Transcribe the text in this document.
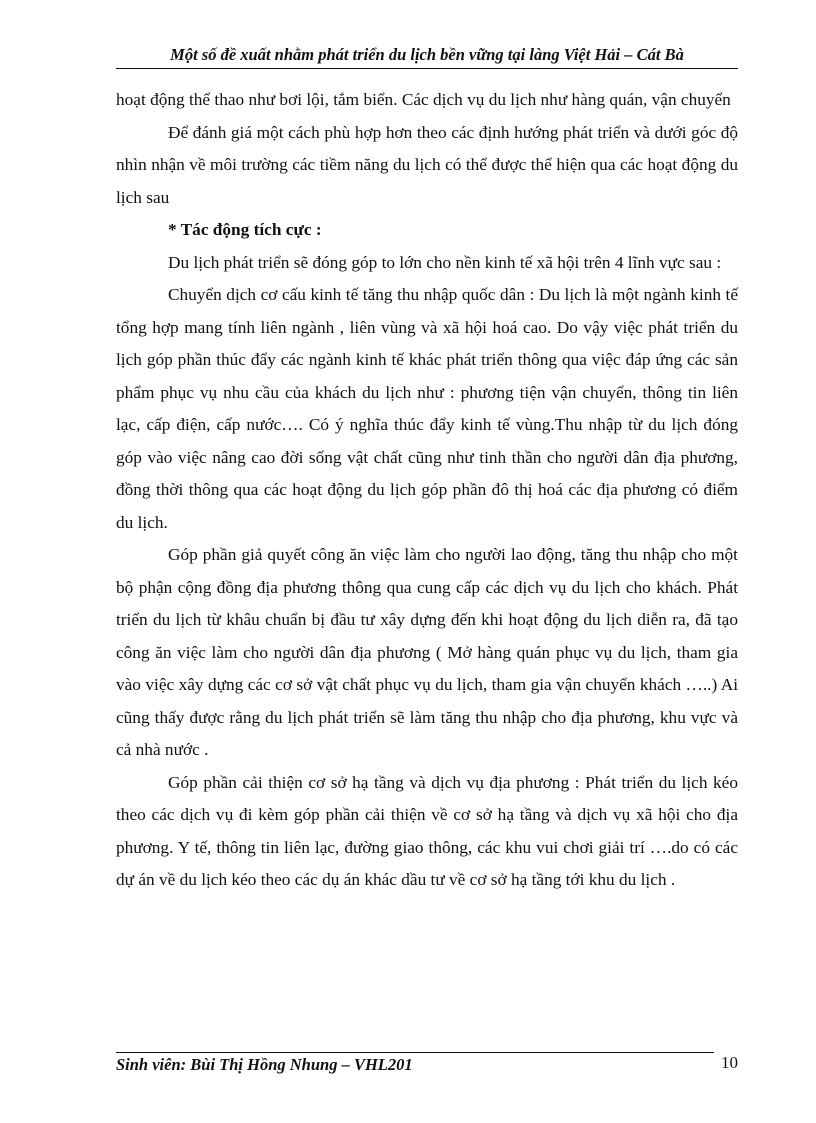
Một số đề xuất nhằm phát triển du lịch bền vững tại làng Việt Hải – Cát Bà

hoạt động thể thao như bơi lội, tắm biển. Các dịch vụ du lịch như hàng quán, vận chuyển

Để đánh giá một cách phù hợp hơn theo các định hướng phát triển và dưới góc độ nhìn nhận về môi trường các tiềm năng du lịch có thể được thể hiện qua các hoạt động du lịch sau

* Tác động tích cực :

Du lịch phát triển sẽ đóng góp to lớn cho nền kinh tế xã hội trên 4 lĩnh vực sau :

Chuyển dịch cơ cấu kinh tế tăng thu nhập quốc dân : Du lịch là một ngành kinh tế tổng hợp mang tính liên ngành , liên vùng và xã hội hoá cao. Do vậy việc phát triển du lịch góp phần thúc đẩy các ngành kinh tế khác phát triển thông qua việc đáp ứng các sản phẩm phục vụ nhu cầu của khách du lịch như : phương tiện vận chuyển, thông tin liên lạc, cấp điện, cấp nước…. Có ý nghĩa thúc đẩy kinh tế vùng.Thu nhập từ du lịch đóng góp vào việc nâng cao đời sống vật chất cũng như tinh thần cho người dân địa phương, đồng thời thông qua các hoạt động du lịch góp phần đô thị hoá các địa phương có điểm du lịch.

Góp phần giả quyết công ăn việc làm cho người lao động, tăng thu nhập cho một bộ phận cộng đồng địa phương thông qua cung cấp các dịch vụ du lịch cho khách. Phát triển du lịch từ khâu chuẩn bị đầu tư xây dựng đến khi hoạt động du lịch diễn ra, đã tạo công ăn việc làm cho người dân địa phương ( Mở hàng quán phục vụ du lịch, tham gia vào việc xây dựng các cơ sở vật chất phục vụ du lịch, tham gia vận chuyển khách …..) Ai cũng thấy được rằng du lịch phát triển sẽ làm tăng thu nhập cho địa phương, khu vực và cả nhà nước .

Góp phần cải thiện cơ sở hạ tầng và dịch vụ địa phương : Phát triển du lịch kéo theo các dịch vụ đi kèm góp phần cải thiện về cơ sở hạ tầng và dịch vụ xã hội cho địa phương. Y tế, thông tin liên lạc, đường giao thông, các khu vui chơi giải trí ….do có các dự án về du lịch kéo theo các dụ án khác dầu tư về cơ sở hạ tầng tới khu du lịch .

Sinh viên: Bùi Thị Hồng Nhung – VHL201	10
